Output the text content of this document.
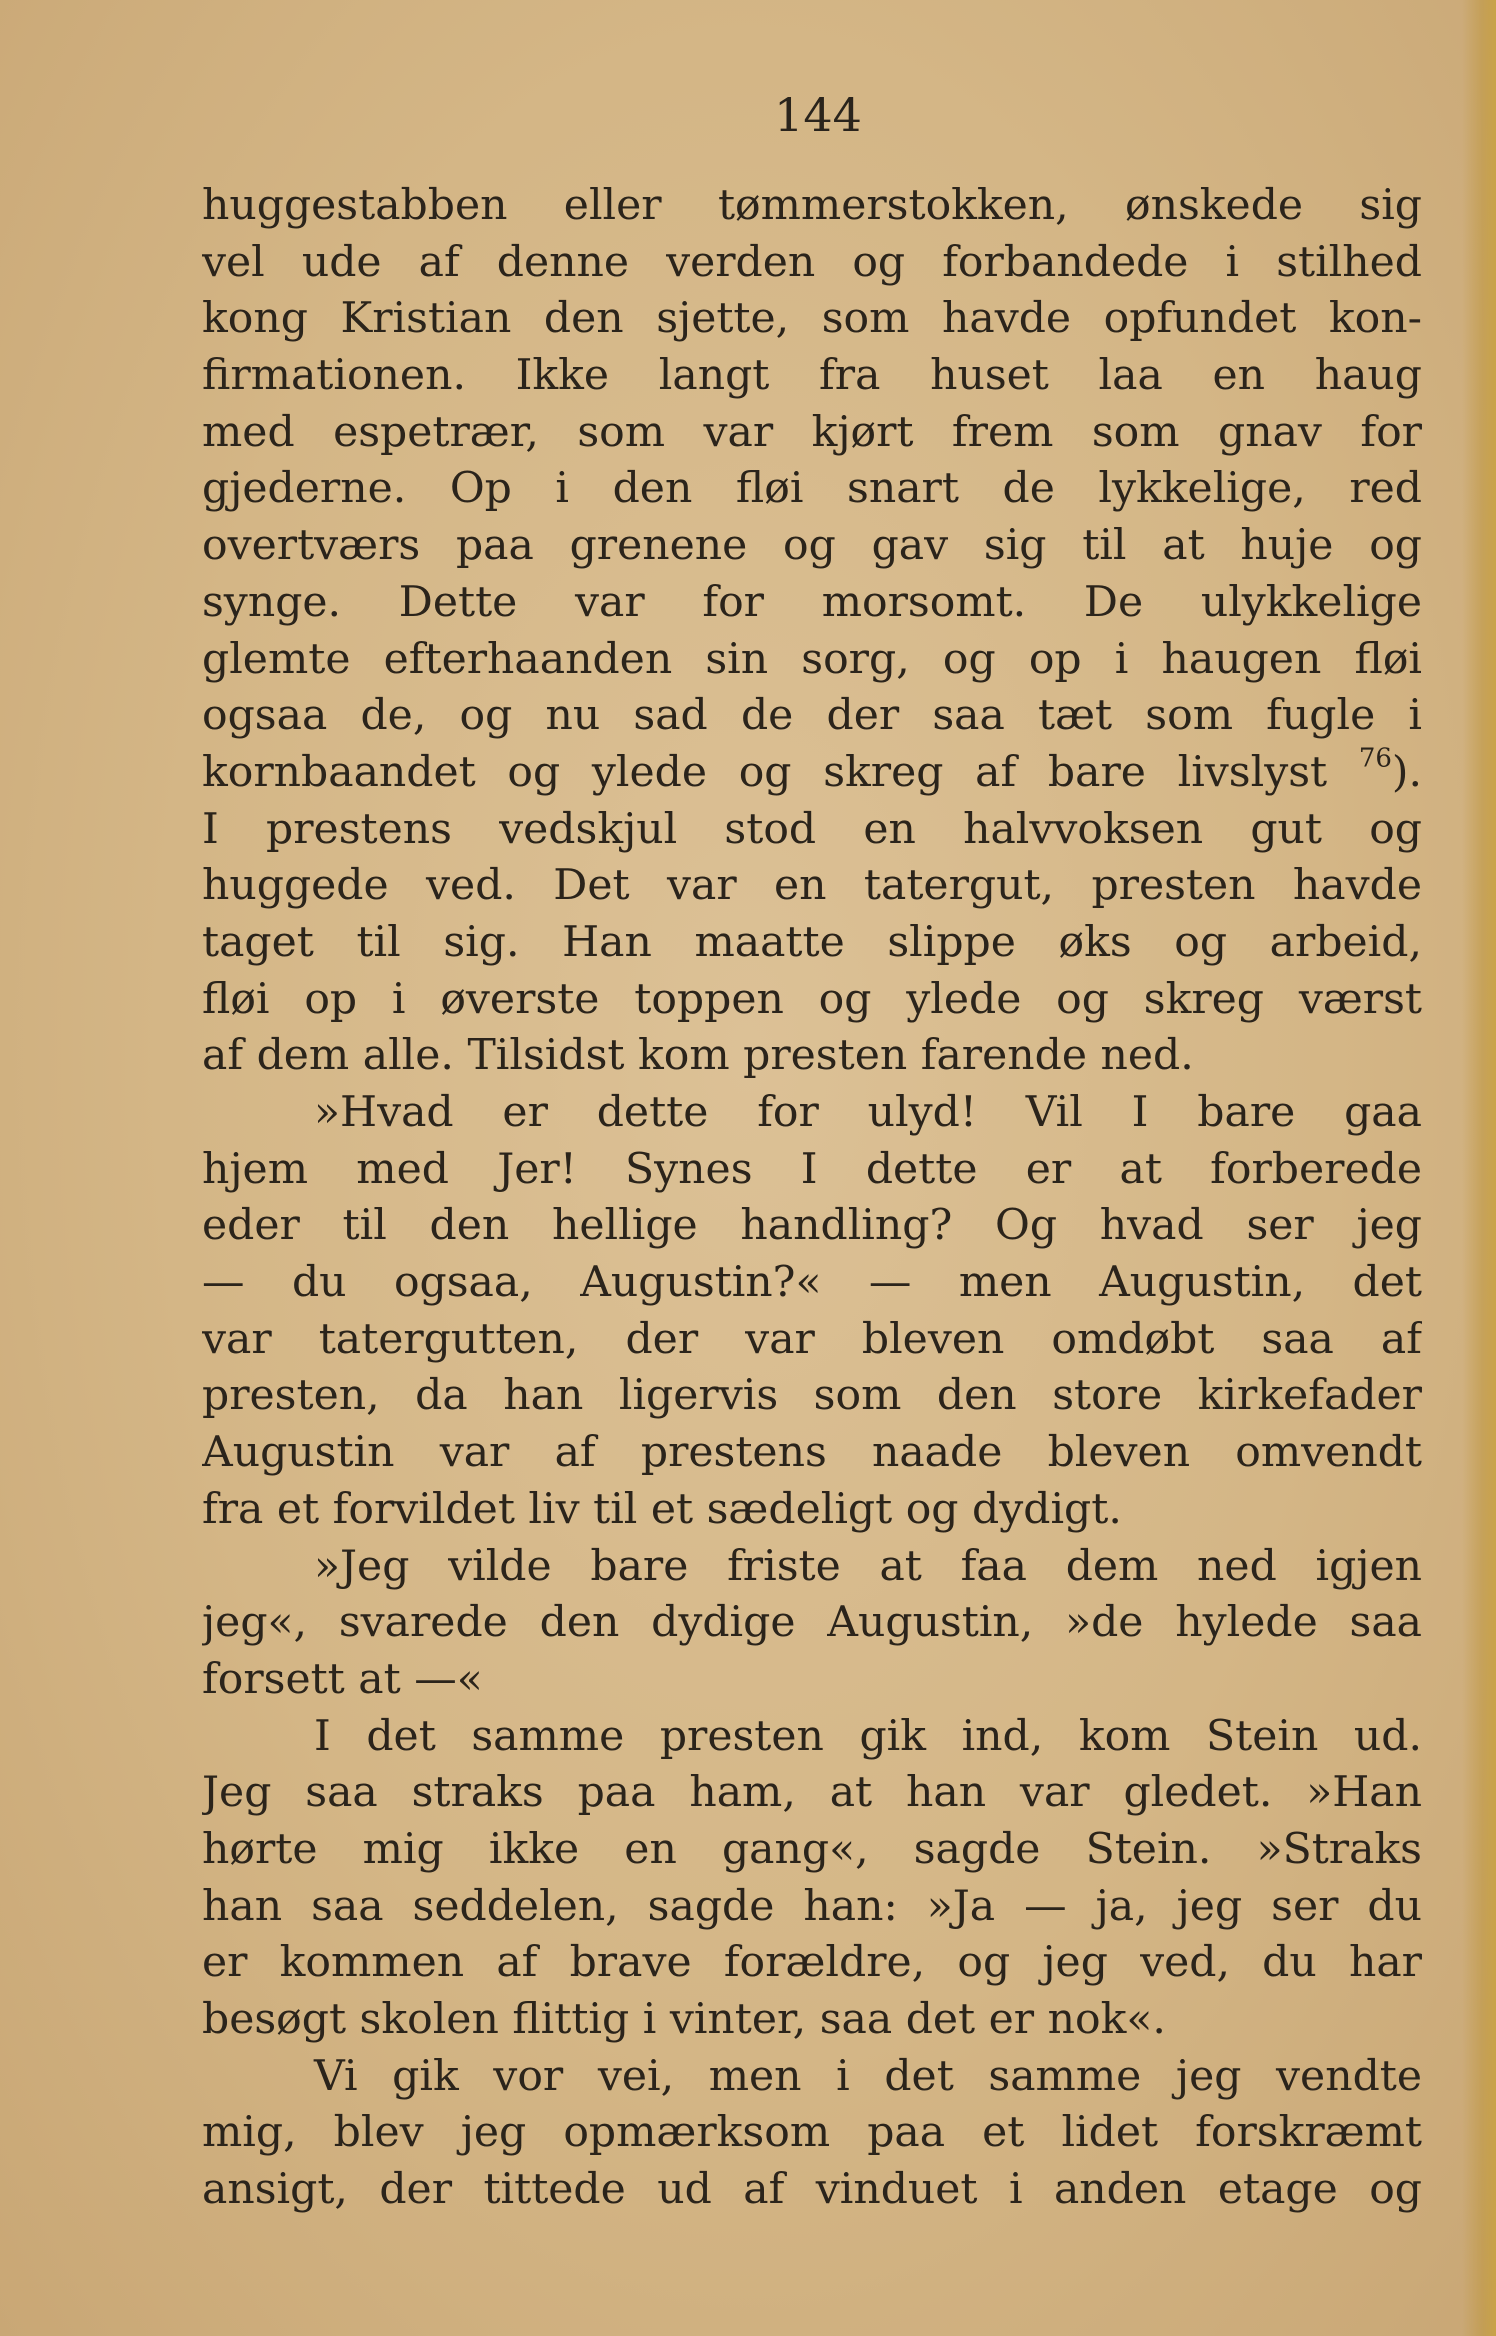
144

huggestabben eller tømmerstokken, ønskede sig
vel ude af denne verden og forbandede i stilhed
kong Kristian den sjette, som havde opfundet kon-
firmationen. Ikke langt fra huset laa en haug
med espetrær, som var kjørt frem som gnav for
gjederne. Op i den fløi snart de lykkelige, red
overtværs paa grenene og gav sig til at huje og
synge. Dette var for morsomt. De ulykkelige
glemte efterhaanden sin sorg, og op i haugen fløi
ogsaa de, og nu sad de der saa tæt som fugle i
kornbaandet og ylede og skreg af bare livslyst $^{76}$).
I prestens vedskjul stod en halvvoksen gut og
huggede ved. Det var en tatergut, presten havde
taget til sig. Han maatte slippe øks og arbeid,
fløi op i øverste toppen og ylede og skreg værst
af dem alle. Tilsidst kom presten farende ned.
»Hvad er dette for ulyd! Vil I bare gaa
hjem med Jer! Synes I dette er at forberede
eder til den hellige handling? Og hvad ser jeg
— du ogsaa, Augustin?« — men Augustin, det
var tatergutten, der var bleven omdøbt saa af
presten, da han ligervis som den store kirkefader
Augustin var af prestens naade bleven omvendt
fra et forvildet liv til et sædeligt og dydigt.
»Jeg vilde bare friste at faa dem ned igjen
jeg«, svarede den dydige Augustin, »de hylede saa
forsett at —«
I det samme presten gik ind, kom Stein ud.
Jeg saa straks paa ham, at han var gledet. »Han
hørte mig ikke en gang«, sagde Stein. »Straks
han saa seddelen, sagde han: »Ja — ja, jeg ser du
er kommen af brave forældre, og jeg ved, du har
besøgt skolen flittig i vinter, saa det er nok«.
Vi gik vor vei, men i det samme jeg vendte
mig, blev jeg opmærksom paa et lidet forskræmt
ansigt, der tittede ud af vinduet i anden etage og
